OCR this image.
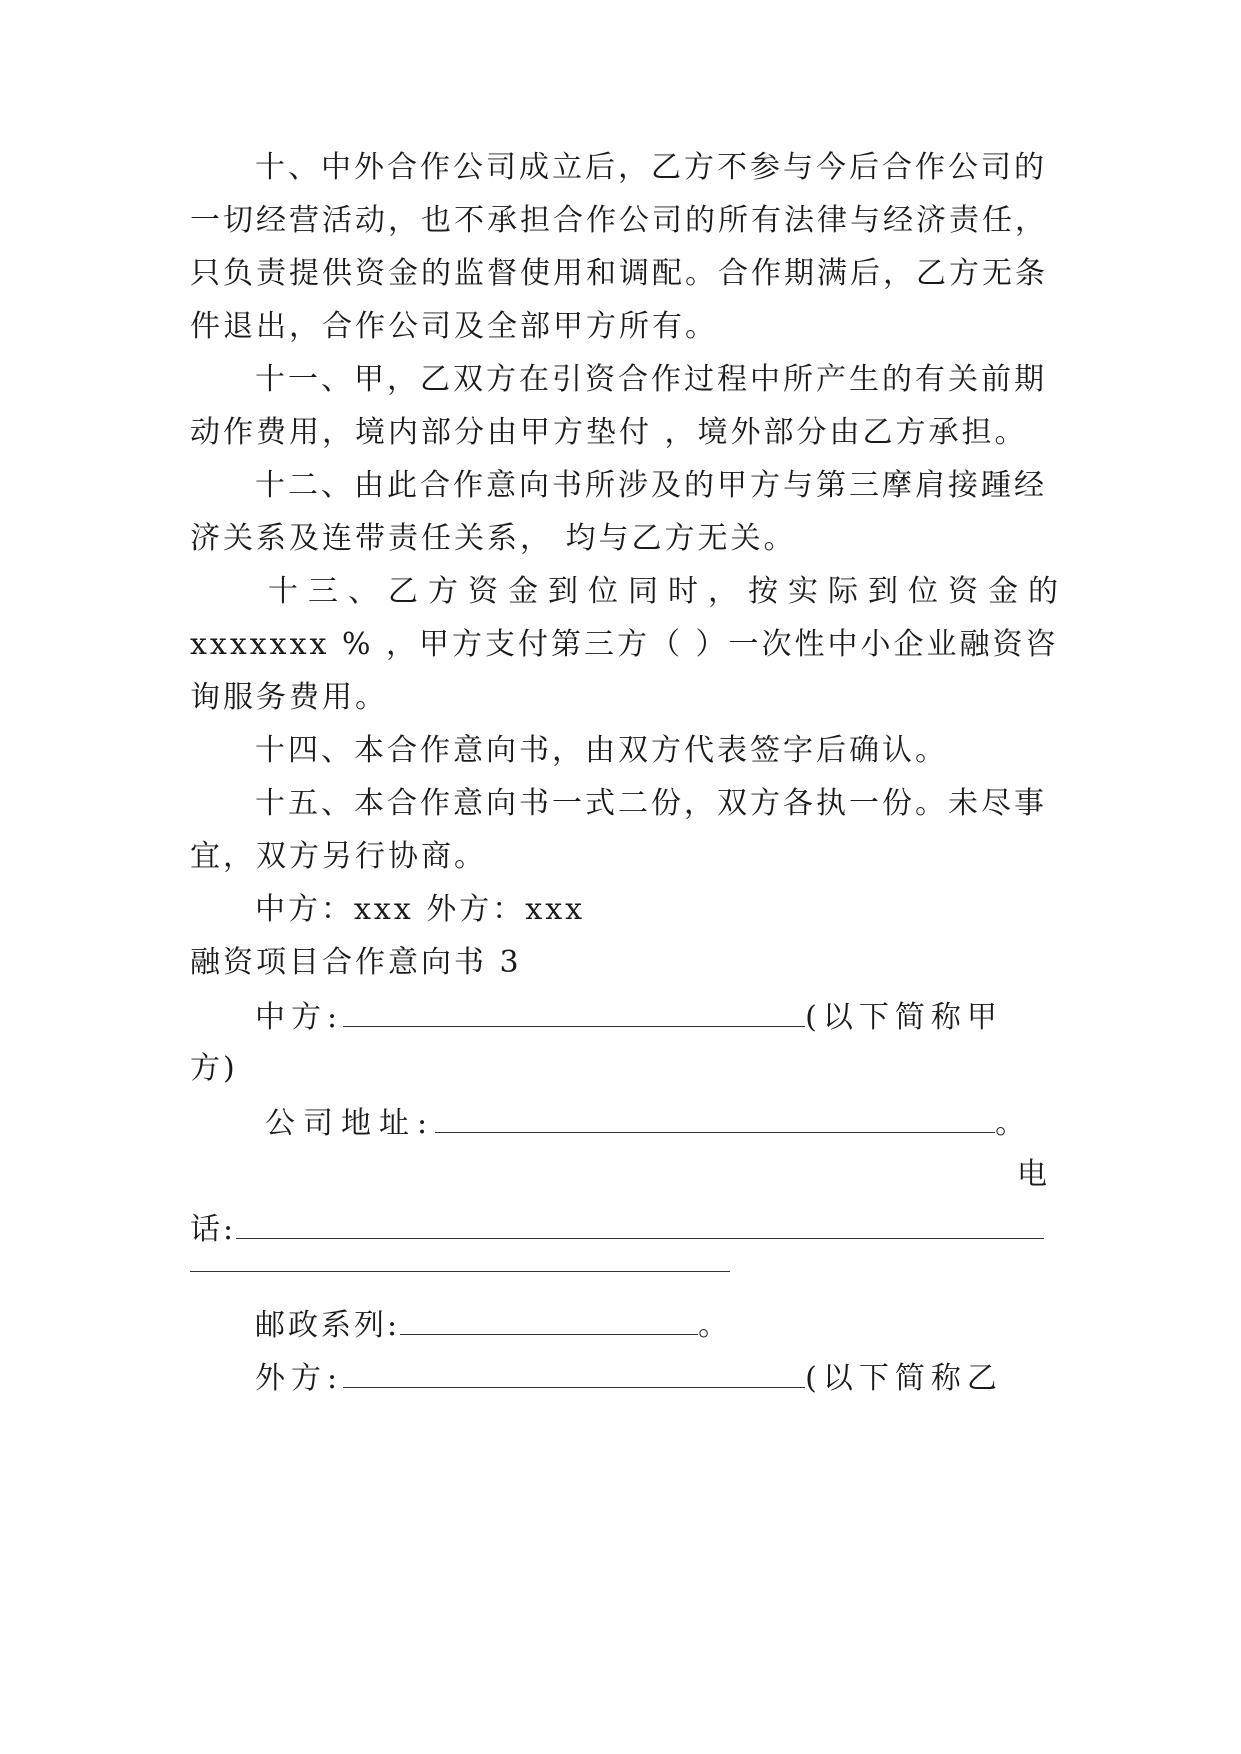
十、中外合作公司成立后，乙方不参与今后合作公司的
一切经营活动，也不承担合作公司的所有法律与经济责任，
只负责提供资金的监督使用和调配。合作期满后，乙方无条
件退出，合作公司及全部甲方所有。
十一、甲，乙双方在引资合作过程中所产生的有关前期
动作费用，境内部分由甲方垫付 ，境外部分由乙方承担。
十二、由此合作意向书所涉及的甲方与第三摩肩接踵经
济关系及连带责任关系， 均与乙方无关。
十三、乙方资金到位同时，按实际到位资金的
xxxxxxx % ，甲方支付第三方（ ）一次性中小企业融资咨
询服务费用。
十四、本合作意向书，由双方代表签字后确认。
十五、本合作意向书一式二份，双方各执一份。未尽事
宜，双方另行协商。
中方：xxx 外方：xxx
融资项目合作意向书 3
中方:	(以下简称甲
方)
公司地址:	。
电
话:
邮政系列:	。
外方:	(以下简称乙
